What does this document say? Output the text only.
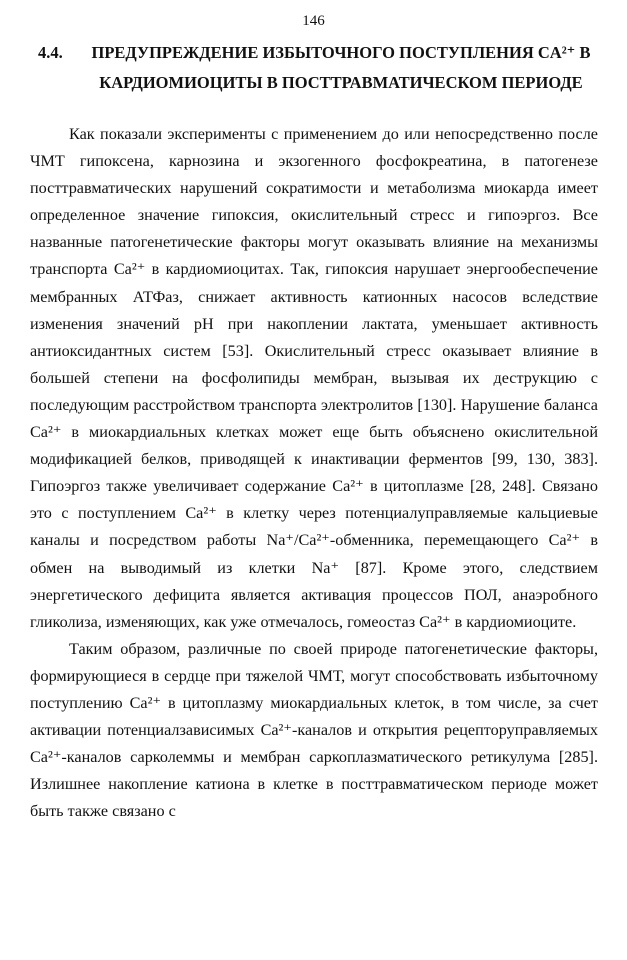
146
4.4.	ПРЕДУПРЕЖДЕНИЕ ИЗБЫТОЧНОГО ПОСТУПЛЕНИЯ CA²⁺ В КАРДИОМИОЦИТЫ В ПОСТТРАВМАТИЧЕСКОМ ПЕРИОДЕ

Как показали эксперименты с применением до или непосредственно после ЧМТ гипоксена, карнозина и экзогенного фосфокреатина, в патогенезе посттравматических нарушений сократимости и метаболизма миокарда имеет определенное значение гипоксия, окислительный стресс и гипоэргоз. Все названные патогенетические факторы могут оказывать влияние на механизмы транспорта Ca²⁺ в кардиомиоцитах. Так, гипоксия нарушает энергообеспечение мембранных АТФаз, снижает активность катионных насосов вследствие изменения значений рН при накоплении лактата, уменьшает активность антиоксидантных систем [53]. Окислительный стресс оказывает влияние в большей степени на фосфолипиды мембран, вызывая их деструкцию с последующим расстройством транспорта электролитов [130]. Нарушение баланса Ca²⁺ в миокардиальных клетках может еще быть объяснено окислительной модификацией белков, приводящей к инактивации ферментов [99, 130, 383]. Гипоэргоз также увеличивает содержание Ca²⁺ в цитоплазме [28, 248]. Связано это с поступлением Ca²⁺ в клетку через потенциалуправляемые кальциевые каналы и посредством работы Na⁺/Ca²⁺-обменника, перемещающего Ca²⁺ в обмен на выводимый из клетки Na⁺ [87]. Кроме этого, следствием энергетического дефицита является активация процессов ПОЛ, анаэробного гликолиза, изменяющих, как уже отмечалось, гомеостаз Ca²⁺ в кардиомиоците.

Таким образом, различные по своей природе патогенетические факторы, формирующиеся в сердце при тяжелой ЧМТ, могут способствовать избыточному поступлению Ca²⁺ в цитоплазму миокардиальных клеток, в том числе, за счет активации потенциалзависимых Ca²⁺-каналов и открытия рецепторуправляемых Ca²⁺-каналов сарколеммы и мембран саркоплазматического ретикулума [285]. Излишнее накопление катиона в клетке в посттравматическом периоде может быть также связано с
